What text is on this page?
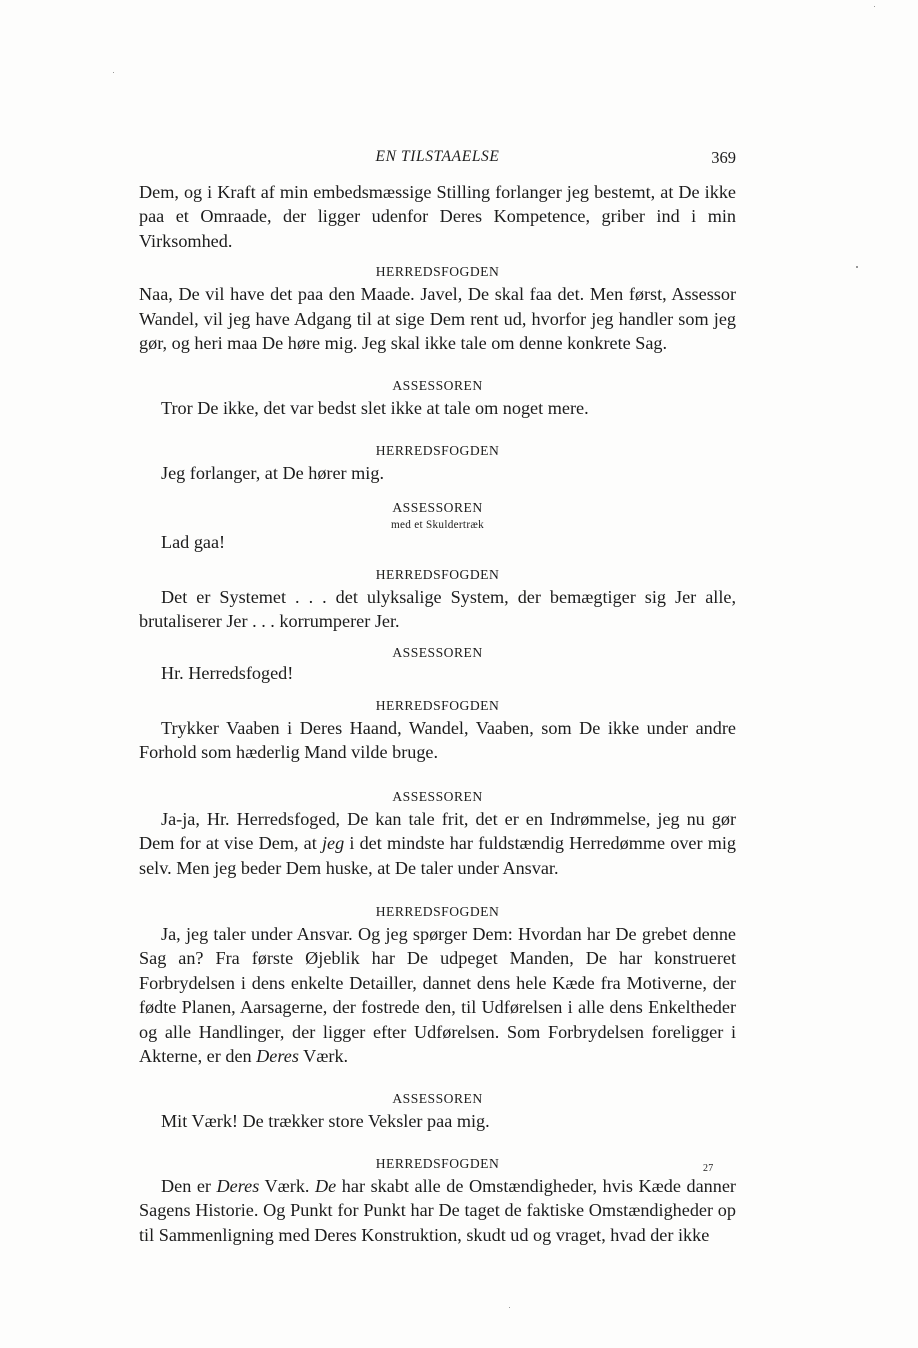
EN TILSTAAELSE	369

Dem, og i Kraft af min embedsmæssige Stilling forlanger jeg bestemt, at De ikke paa et Omraade, der ligger udenfor Deres Kompetence, griber ind i min Virksomhed.

HERREDSFOGDEN

Naa, De vil have det paa den Maade. Javel, De skal faa det. Men først, Assessor Wandel, vil jeg have Adgang til at sige Dem rent ud, hvorfor jeg handler som jeg gør, og heri maa De høre mig. Jeg skal ikke tale om denne konkrete Sag.

ASSESSOREN

Tror De ikke, det var bedst slet ikke at tale om noget mere.

HERREDSFOGDEN

Jeg forlanger, at De hører mig.

ASSESSOREN

med et Skuldertræk

Lad gaa!

HERREDSFOGDEN

Det er Systemet . . . det ulyksalige System, der bemægtiger sig Jer alle, brutaliserer Jer . . . korrumperer Jer.

ASSESSOREN

Hr. Herredsfoged!

HERREDSFOGDEN

Trykker Vaaben i Deres Haand, Wandel, Vaaben, som De ikke under andre Forhold som hæderlig Mand vilde bruge.

ASSESSOREN

Ja-ja, Hr. Herredsfoged, De kan tale frit, det er en Indrømmelse, jeg nu gør Dem for at vise Dem, at jeg i det mindste har fuldstændig Herredømme over mig selv. Men jeg beder Dem huske, at De taler under Ansvar.

HERREDSFOGDEN

Ja, jeg taler under Ansvar. Og jeg spørger Dem: Hvordan har De grebet denne Sag an? Fra første Øjeblik har De udpeget Manden, De har konstrueret Forbrydelsen i dens enkelte Detailler, dannet dens hele Kæde fra Motiverne, der fødte Planen, Aarsagerne, der fostrede den, til Udførelsen i alle dens Enkeltheder og alle Handlinger, der ligger efter Udførelsen. Som Forbrydelsen foreligger i Akterne, er den Deres Værk.

ASSESSOREN

Mit Værk! De trækker store Veksler paa mig.

HERREDSFOGDEN

Den er Deres Værk. De har skabt alle de Omstændigheder, hvis Kæde danner Sagens Historie. Og Punkt for Punkt har De taget de faktiske Omstændigheder op til Sammenligning med Deres Konstruktion, skudt ud og vraget, hvad der ikke

27
